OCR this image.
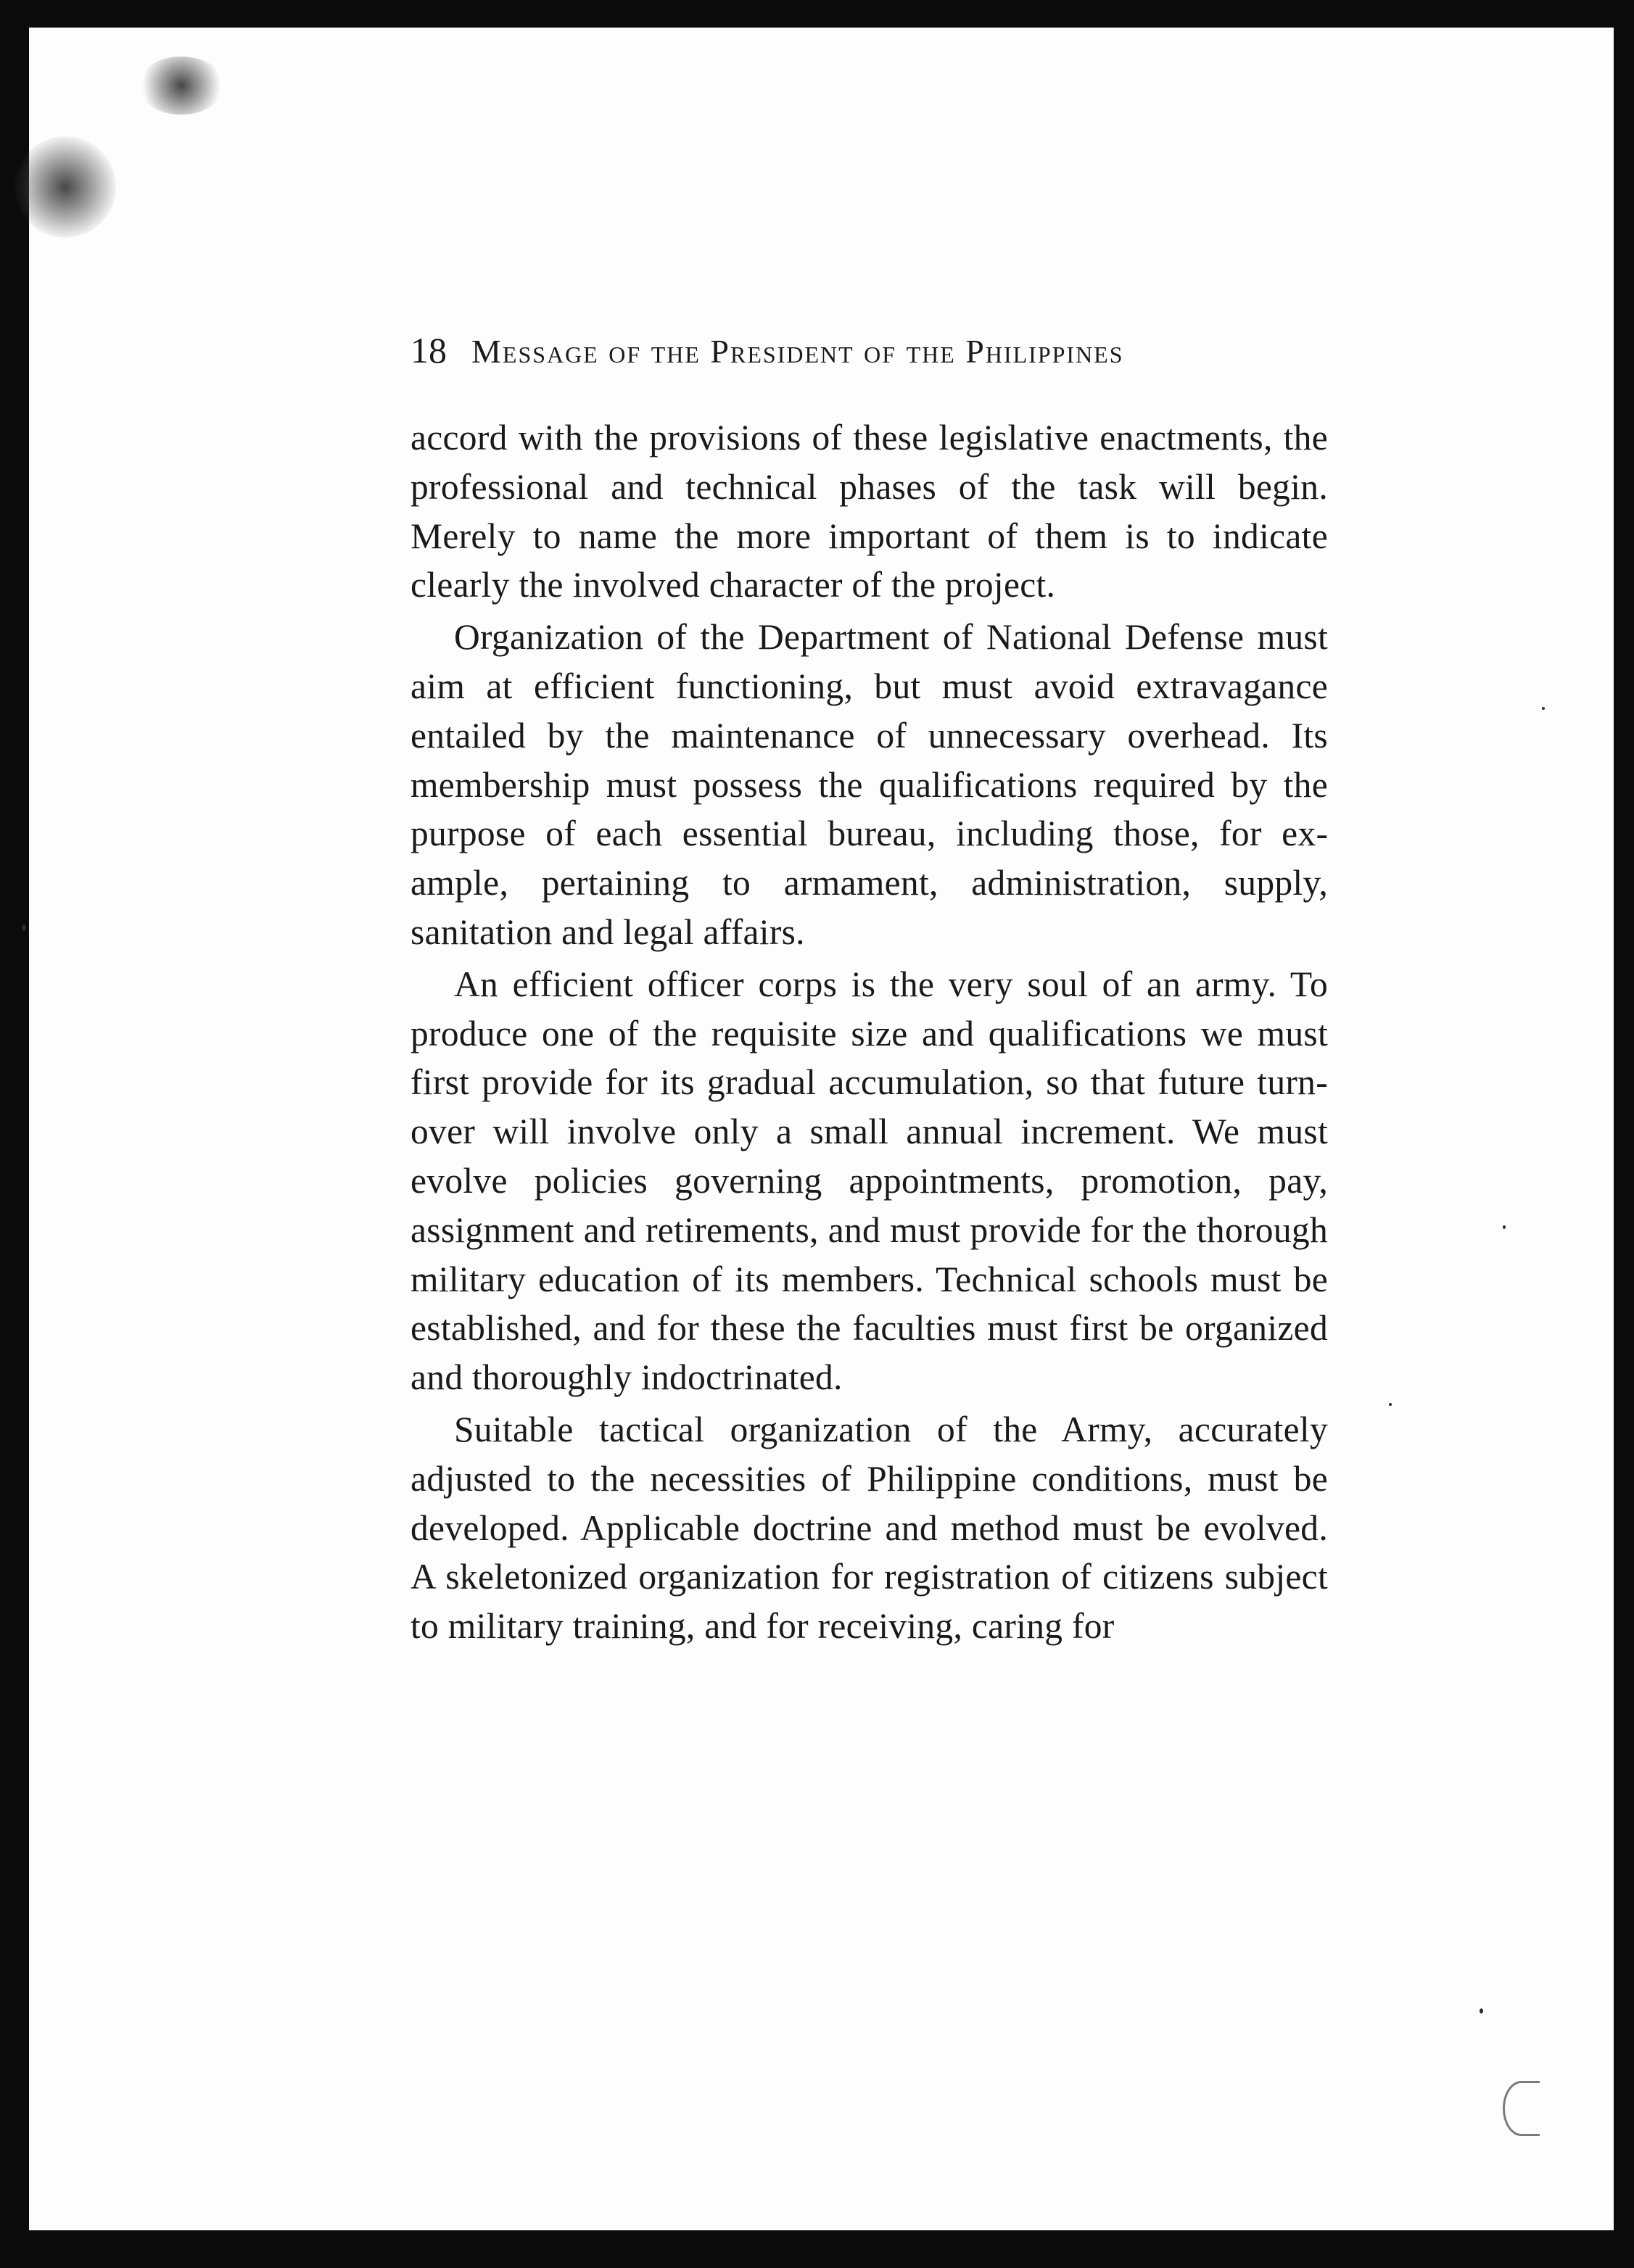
18 Message of the President of the Philippines

accord with the provisions of these legislative enactments, the professional and technical phases of the task will begin. Merely to name the more important of them is to indicate clearly the involved character of the project.

Organization of the Department of National Defense must aim at efficient functioning, but must avoid extravagance entailed by the maintenance of unnecessary overhead. Its membership must possess the qualifications required by the purpose of each essential bureau, including those, for example, pertaining to armament, administration, supply, sanitation and legal affairs.

An efficient officer corps is the very soul of an army. To produce one of the requisite size and qualifications we must first provide for its gradual accumulation, so that future turn-over will involve only a small annual increment. We must evolve policies governing appointments, promotion, pay, assignment and retirements, and must provide for the thorough military education of its members. Technical schools must be established, and for these the faculties must first be organized and thoroughly indoctrinated.

Suitable tactical organization of the Army, accurately adjusted to the necessities of Philippine conditions, must be developed. Applicable doctrine and method must be evolved. A skeletonized organization for registration of citizens subject to military training, and for receiving, caring for
